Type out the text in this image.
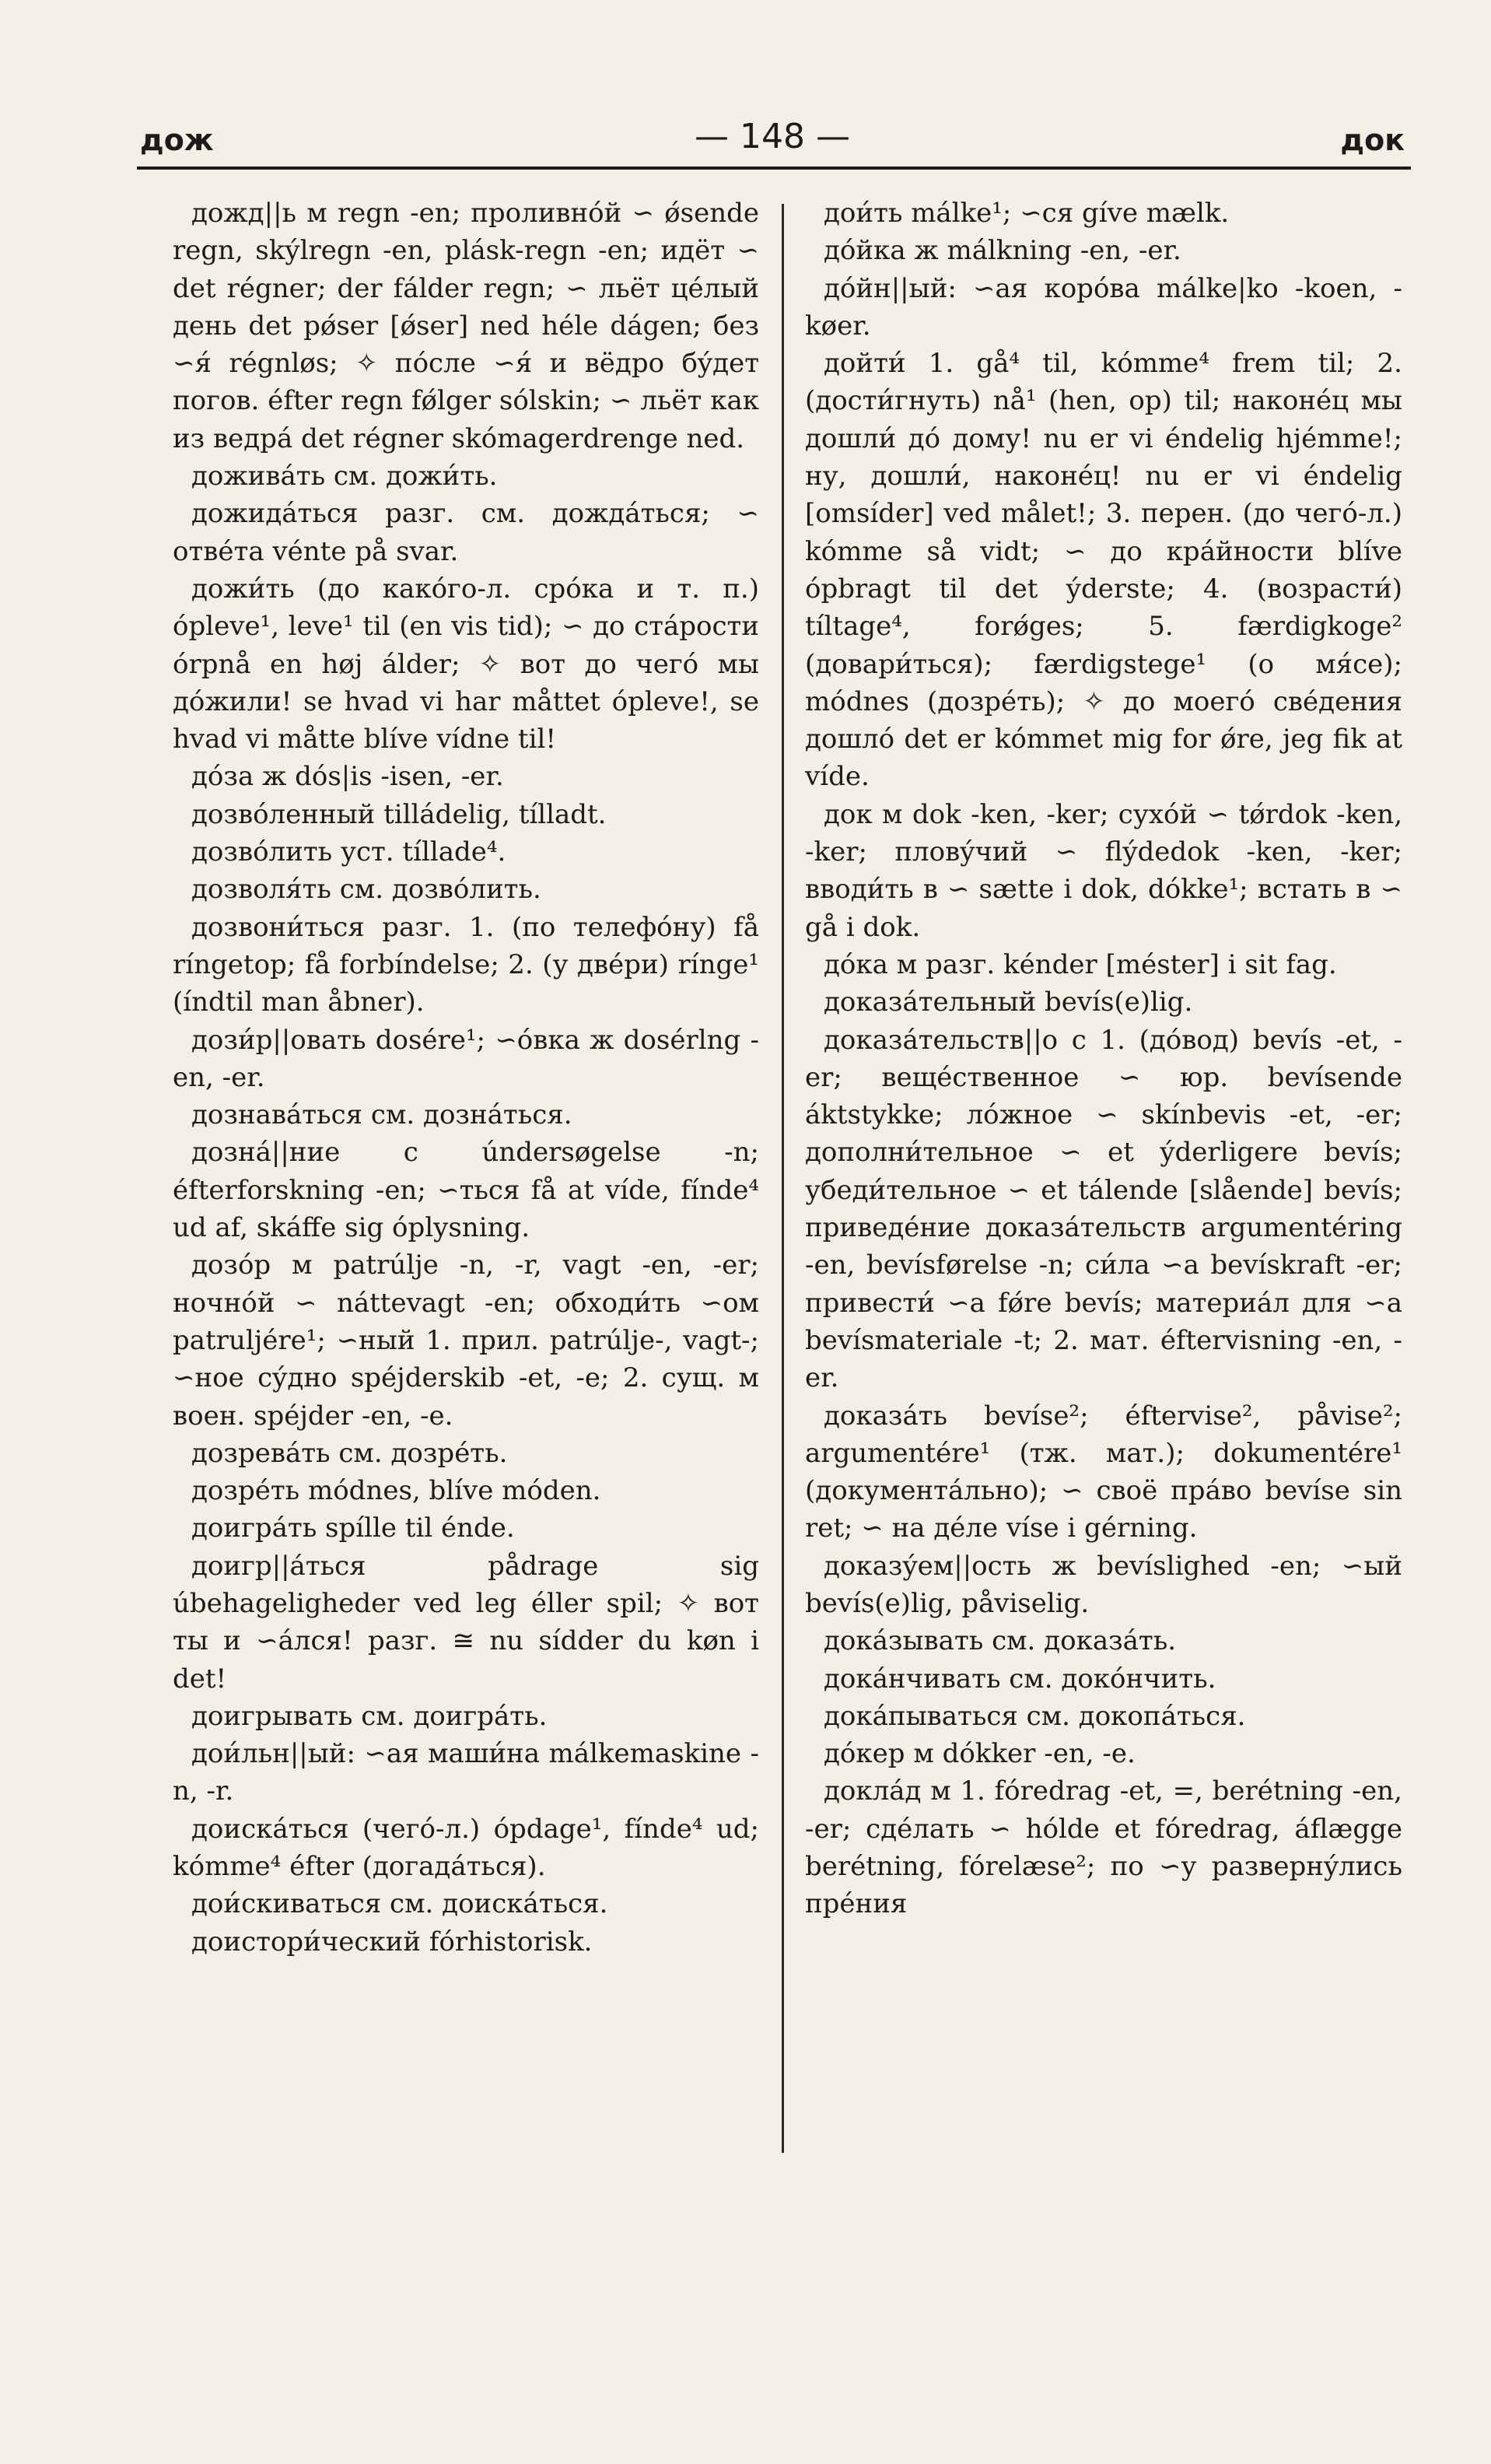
дож	— 148 —	док

дожд||ь м regn -en; проливнóй ∽ ǿsende regn, skýlregn -en, plásk-regn -en; идёт ∽ det régner; der fálder regn; ∽ льёт цéлый день det pǿser [ǿser] ned héle dágen; без ∽я́ régnløs; ✧ пóсле ∽я́ и вёдро бýдет погов. éfter regn fǿlger sólskin; ∽ льёт как из ведрá det régner skómagerdrenge ned.

доживáть см. дожи́ть.

дожидáться разг. см. дождáться; ∽ отвéта vénte på svar.

дожи́ть (до какóго-л. срóка и т. п.) ópleve¹, leve¹ til (en vis tid); ∽ до стáрости órpnå en høj álder; ✧ вот до чегó мы дóжили! se hvad vi har måttet ópleve!, se hvad vi måtte blíve vídne til!

дóза ж dós|is -isen, -er.

дозвóленный tilládelig, tílladt.

дозвóлить уст. tíllade⁴.

дозволя́ть см. дозвóлить.

дозвони́ться разг. 1. (по телефóну) få ríngetop; få forbíndelse; 2. (у двéри) rínge¹ (índtil man åbner).

дози́р||овать dosére¹; ∽óвка ж dosérlng -en, -er.

дознавáться см. дознáться.

дознá||ние с úndersøgelse -n; éfterforskning -en; ∽ться få at víde, fínde⁴ ud af, skáffe sig óplysning.

дозóр м patrúlje -n, -r, vagt -en, -er; ночнóй ∽ náttevagt -en; обходи́ть ∽ом patruljére¹; ∽ный 1. прил. patrúlje-, vagt-; ∽ное сýдно spéjderskib -et, -e; 2. сущ. м воен. spéjder -en, -e.

дозревáть см. дозрéть.

дозрéть módnes, blíve móden.

доигрáть spílle til énde.

доигр||áться pådrage sig úbehageligheder ved leg éller spil; ✧ вот ты и ∽áлся! разг. ≅ nu sídder du køn i det!

доигрывать см. доигрáть.

дои́льн||ый: ∽ая маши́на málkemaskine -n, -r.

доискáться (чегó-л.) ópdage¹, fínde⁴ ud; kómme⁴ éfter (догадáться).

дои́скиваться см. доискáться.

доистори́ческий fórhistorisk.

дои́ть málke¹; ∽ся gíve mælk.

дóйка ж málkning -en, -er.

дóйн||ый: ∽ая корóва málke|ko -koen, -køer.

дойти́ 1. gå⁴ til, kómme⁴ frem til; 2. (дости́гнуть) nå¹ (hen, op) til; наконéц мы дошли́ дó дому! nu er vi éndelig hjémme!; ну, дошли́, наконéц! nu er vi éndelig [omsíder] ved målet!; 3. перен. (до чегó-л.) kómme så vidt; ∽ до крáйности blíve ópbragt til det ýderste; 4. (возрасти́) tíltage⁴, forǿges; 5. færdigkoge² (довари́ться); færdigstege¹ (о мя́се); módnes (дозрéть); ✧ до моегó свéдения дошлó det er kómmet mig for ǿre, jeg fik at víde.

док м dok -ken, -ker; сухóй ∽ tǿrdok -ken, -ker; пловýчий ∽ flýdedok -ken, -ker; вводи́ть в ∽ sætte i dok, dókke¹; встать в ∽ gå i dok.

дóка м разг. kénder [méster] i sit fag.

доказáтельный bevís(e)lig.

доказáтельств||о с 1. (дóвод) bevís -et, -er; вещéственное ∽ юр. bevísende áktstykke; лóжное ∽ skínbevis -et, -er; дополни́тельное ∽ et ýderligere bevís; убеди́тельное ∽ et tálende [slående] bevís; приведéние доказáтельств argumentéring -en, bevísførelse -n; си́ла ∽а bevískraft -er; привести́ ∽а fǿre bevís; материáл для ∽а bevísmateriale -t; 2. мат. éftervisning -en, -er.

доказáть bevíse²; éftervise², påvise²; argumentére¹ (тж. мат.); dokumentére¹ (документáльно); ∽ своё прáво bevíse sin ret; ∽ на дéле víse i gérning.

доказýем||ость ж bevíslighed -en; ∽ый bevís(e)lig, påviselig.

докáзывать см. доказáть.

докáнчивать см. докóнчить.

докáпываться см. докопáться.

дóкер м dókker -en, -e.

доклáд м 1. fóredrag -et, =, berétning -en, -er; сдéлать ∽ hólde et fóredrag, áflægge berétning, fórelæse²; по ∽у развернýлись прéния
